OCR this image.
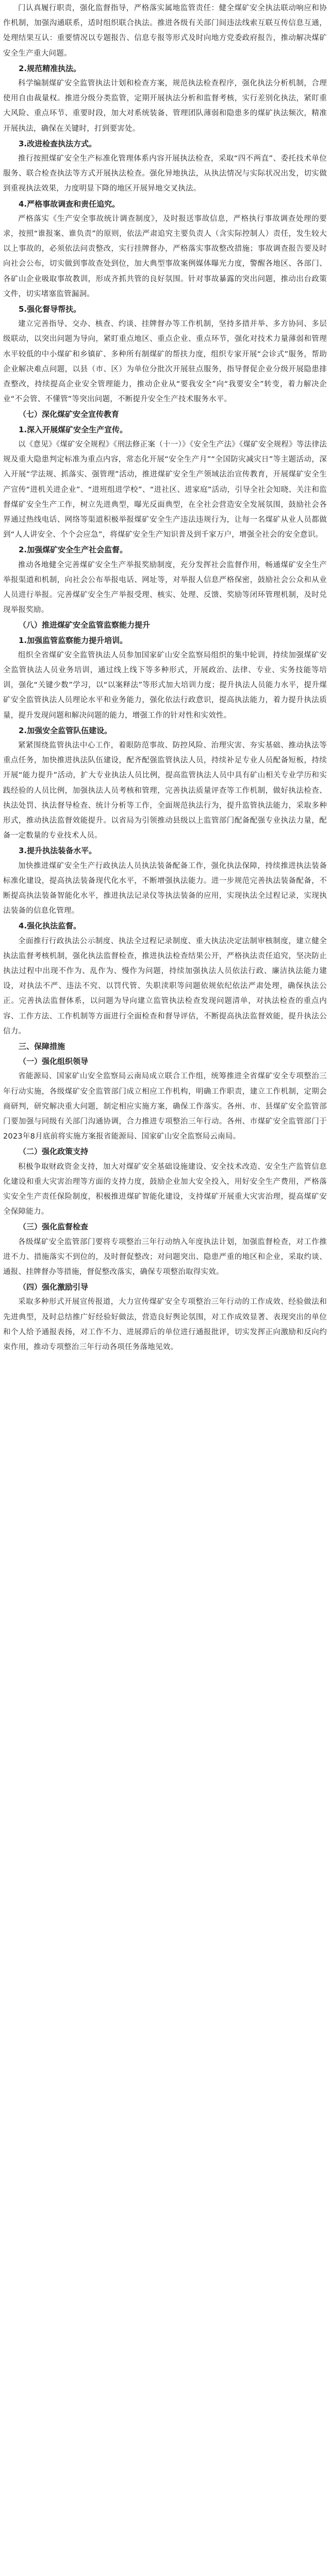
门认真履行职责，强化监督指导，严格落实属地监管责任：健全煤矿安全执法联动响应和协作机制，加强沟通联系，适时组织联合执法。推进各级有关部门间违法线索互联互传信息互通，处理结果互认：重要情况以专题报告、信息专报等形式及时向地方党委政府报告，推动解决煤矿安全生产重大问题。

2.规范精准执法。

科学编制煤矿安全监管执法计划和检查方案，规范执法检查程序，强化执法分析机制，合理使用自由裁量权。推进分级分类监管，定期开展执法分析和监督考核，实行差别化执法，紧盯重大风险、重点环节、重要时段，加大对系统装备、管理团队薄弱和隐患多的煤矿执法频次，精准开展执法，确保在关键时，打到要害处。

3.改进检查执法方式。

推行按照煤矿安全生产标准化管理体系内容开展执法检查，采取“四不两直”、委托技术单位服务、联合检查执法等方式开展执法检查。强化异地执法，从执法情况与实际状况出发，切实做到重视执法效果，力度明显下降的地区开展异地交叉执法。

4.严格事故调查和责任追究。

严格落实《生产安全事故统计调查制度》，及时报送事故信息，严格执行事故调查处理的要求，按照“谁报案、谁负责”的原则，依法严肃追究主要负责人（含实际控制人）责任，发生较大以上事故的，必须依法问责整改，实行挂牌督办，严格落实事故整改措施；事故调查报告要及时向社会公布，切实做到事故查处到位，加大典型事故案例媒体曝光力度，警醒各地区、各部门、各矿山企业吸取事故教训，形成齐抓共管的良好氛围。针对事故暴露的突出问题，推动出台政策文件，切实堵塞监管漏洞。

5.强化督导帮扶。

建立完善指导、交办、核查、约谈、挂牌督办等工作机制，坚持多措并举、多方协同、多层级联动，以突出问题为导向，紧盯重点地区、重点企业、重点环节，强化对技术力量薄弱和管理水平较低的中小煤矿和乡镇矿、多种所有制煤矿的帮扶力度，组织专家开展“会诊式”服务，帮助企业解决难点问题，以县（市、区）为单位分批次开展驻点服务，指导督促企业分级开展隐患排查整改，持续提高企业安全管理能力，推动企业从“要我安全”向“我要安全”转变，着力解决企业“不会管、不懂管”等突出问题，不断提升安全生产技术服务水平。

（七）深化煤矿安全宣传教育
1.深入开展煤矿安全生产宣传。

以《意见》《煤矿安全规程》《刑法修正案（十一）》《安全生产法》《煤矿安全规程》等法律法规及重大隐患判定标准为重点内容，常态化开展“安全生产月”“全国防灾减灾日”等主题活动，深入开展“学法规、抓落实、强管理”活动，推进煤矿安全生产领域法治宣传教育，开展煤矿安全生产宣传“进机关进企业”、“进班组进学校”、“进社区、进家庭”活动，引导全社会知晓、关注和监督煤矿安全生产工作，树立先进典型，曝光反面典型，在全社会营造安全发展氛围，鼓励社会各界通过热线电话、网络等渠道积极举报煤矿安全生产违法违规行为，让每一名煤矿从业人员都做到“人人讲安全、个个会应急”，将煤矿安全生产知识普及到千家万户，增强全社会的安全意识。

2.加强煤矿安全生产社会监督。

推动各地健全完善煤矿安全生产举报奖励制度，充分发挥社会监督作用，畅通煤矿安全生产举报渠道和机制，向社会公布举报电话、网址等，对举报人信息严格保密，鼓励社会公众和从业人员进行举报。完善煤矿安全生产举报受理、核实、处理、反馈、奖励等闭环管理机制，及时兑现举报奖励。

（八）推进煤矿安全监管监察能力提升
1.加强监管监察能力提升培训。

组织全省煤矿安全监管执法人员参加国家矿山安全监察局组织的集中轮训，持续加强煤矿安全监管执法人员业务培训，通过线上线下等多种形式，开展政治、法律、专业、实务技能等培训，强化“关键少数”学习，以“以案释法”等形式加大培训力度；提升执法人员能力水平，提升煤矿安全监管执法人员理论水平和业务能力，强化依法行政意识，提高执法能力，着力提升执法质量，提升发现问题和解决问题的能力，增强工作的针对性和实效性。

2.加强安全监管队伍建设。

紧紧围绕监管执法中心工作，着眼防范事故、防控风险、治理灾害、夯实基础、推动执法等重点任务，加快推进执法队伍建设，配齐配强监管执法人员，持续补足专业人员配备短板，持续开展“能力提升”活动，扩大专业执法人员比例，提高监管执法人员中具有矿山相关专业学历和实践经验的人员比例，加强执法人员考核和管理，完善执法质量评查等工作机制，做好执法检查、执法处罚、执法督导检查、统计分析等工作，全面规范执法行为，提升监管执法能力，采取多种形式，推动执法监督效能提升。以省局为引领推动县级以上监管部门配备配强专业执法力量，配备一定数量的专业技术人员。

3.提升执法装备水平。

加快推进煤矿安全生产行政执法人员执法装备配备工作，强化执法保障，持续推进执法装备标准化建设，提高执法装备现代化水平，不断增强执法能力。进一步规范完善执法装备配备，不断提高执法装备智能化水平，推进执法记录仪等执法装备的应用，实现执法全过程记录，实现执法装备的信息化管理。

4.强化执法监督。

全面推行行政执法公示制度、执法全过程记录制度、重大执法决定法制审核制度，建立健全执法监督考核机制，强化执法监督检查，推进执法检查结果公开，严格执法责任追究，坚决防止执法过程中出现不作为、乱作为、慢作为问题，持续加强执法人员依法行政、廉洁执法能力建设，对执法不严、违法不究、以罚代管、失职渎职等问题依规依纪依法严肃处理，确保执法公正。完善执法监督体系，以问题为导向建立监管执法检查发现问题清单，对执法检查的重点内容、工作方法、工作机制等方面进行全面检查和督导评估，不断提高执法监督效能，提升执法公信力。

三、保障措施
（一）强化组织领导

省能源局、国家矿山安全监察局云南局成立联合工作组，统筹推进全省煤矿安全专项整治三年行动实施，各级煤矿安全监管部门成立相应工作机构，明确工作职责，建立工作机制，定期会商研判，研究解决重大问题，制定相应实施方案，确保工作落实。各州、市、县煤矿安全监管部门要加强与同级有关部门沟通协调，合力推进专项整治三年行动。各州、市煤矿安全监管部门于2023年8月底前将实施方案报省能源局、国家矿山安全监察局云南局。

（二）强化政策支持

积极争取财政资金支持，加大对煤矿安全基础设施建设、安全技术改造、安全生产监管信息化建设和重大灾害治理等方面的支持力度，鼓励企业加大安全投入，用好安全生产费用，严格落实安全生产责任保险制度，积极推进煤矿智能化建设，支持煤矿开展重大灾害治理，提高煤矿安全保障能力。

（三）强化监督检查

各级煤矿安全监管部门要将专项整治三年行动纳入年度执法计划，加强监督检查，对工作推进不力、措施落实不到位的，及时督促整改；对问题突出、隐患严重的地区和企业，采取约谈、通报、挂牌督办等措施，督促整改落实，确保专项整治取得实效。

（四）强化激励引导

采取多种形式开展宣传报道，大力宣传煤矿安全专项整治三年行动的工作成效、经验做法和先进典型，及时总结推广好经验好做法，营造良好舆论氛围，对工作成效显著、表现突出的单位和个人给予通报表扬，对工作不力、进展滞后的单位进行通报批评，切实发挥正向激励和反向约束作用，推动专项整治三年行动各项任务落地见效。
